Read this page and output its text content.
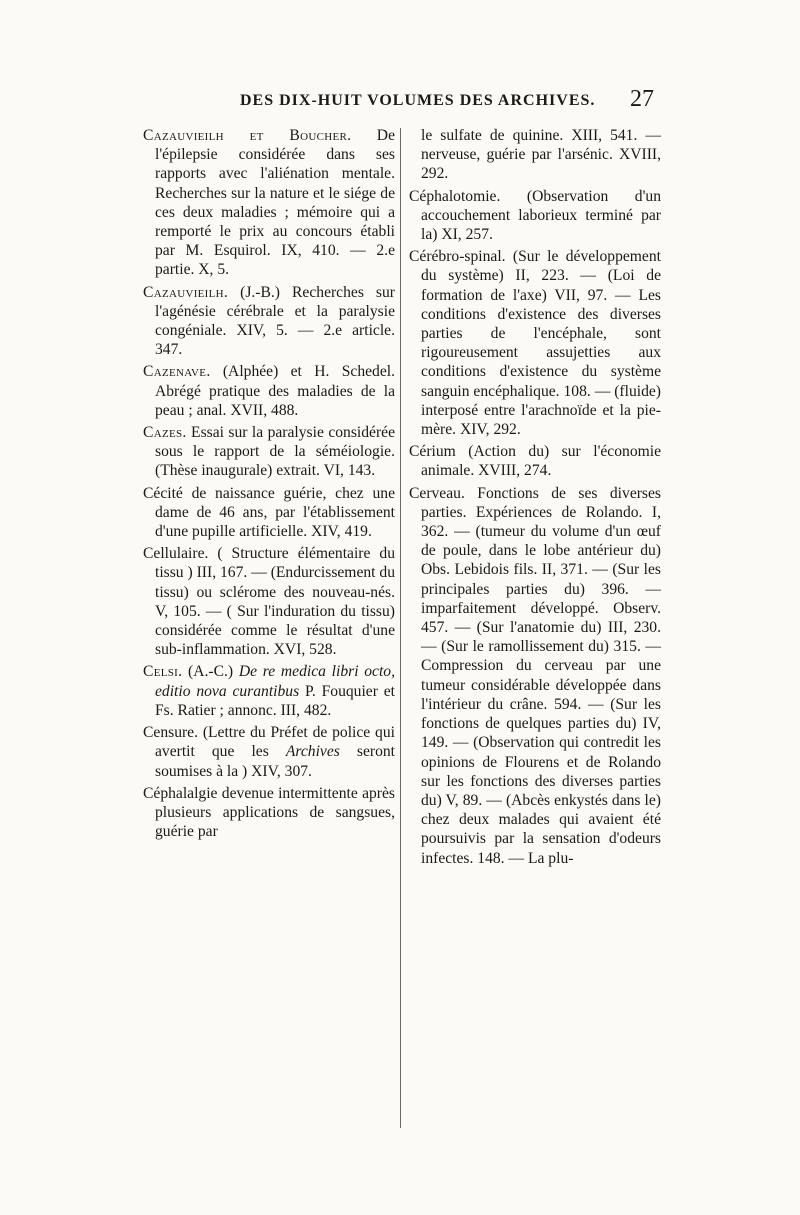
DES DIX-HUIT VOLUMES DES ARCHIVES. 27

Cazauvieilh et Boucher. De l'épilepsie considérée dans ses rapports avec l'aliénation mentale. Recherches sur la nature et le siége de ces deux maladies ; mémoire qui a remporté le prix au concours établi par M. Esquirol. IX, 410. — 2.e partie. X, 5.

Cazauvieilh. (J.-B.) Recherches sur l'agénésie cérébrale et la paralysie congéniale. XIV, 5. — 2.e article. 347.

Cazenave. (Alphée) et H. Schedel. Abrégé pratique des maladies de la peau ; anal. XVII, 488.

Cazes. Essai sur la paralysie considérée sous le rapport de la séméiologie. (Thèse inaugurale) extrait. VI, 143.

Cécité de naissance guérie, chez une dame de 46 ans, par l'établissement d'une pupille artificielle. XIV, 419.

Cellulaire. ( Structure élémentaire du tissu ) III, 167. — (Endurcissement du tissu) ou sclérome des nouveau-nés. V, 105. — ( Sur l'induration du tissu) considérée comme le résultat d'une sub-inflammation. XVI, 528.

Celsi. (A.-C.) De re medica libri octo, editio nova curantibus P. Fouquier et Fs. Ratier ; annonc. III, 482.

Censure. (Lettre du Préfet de police qui avertit que les Archives seront soumises à la ) XIV, 307.

Céphalalgie devenue intermittente après plusieurs applications de sangsues, guérie par

le sulfate de quinine. XIII, 541. — nerveuse, guérie par l'arsénic. XVIII, 292.

Céphalotomie. (Observation d'un accouchement laborieux terminé par la) XI, 257.

Cérébro-spinal. (Sur le développement du système) II, 223. — (Loi de formation de l'axe) VII, 97. — Les conditions d'existence des diverses parties de l'encéphale, sont rigoureusement assujetties aux conditions d'existence du système sanguin encéphalique. 108. — (fluide) interposé entre l'arachnoïde et la pie-mère. XIV, 292.

Cérium (Action du) sur l'économie animale. XVIII, 274.

Cerveau. Fonctions de ses diverses parties. Expériences de Rolando. I, 362. — (tumeur du volume d'un œuf de poule, dans le lobe antérieur du) Obs. Lebidois fils. II, 371. — (Sur les principales parties du) 396. — imparfaitement développé. Observ. 457. — (Sur l'anatomie du) III, 230. — (Sur le ramollissement du) 315. — Compression du cerveau par une tumeur considérable développée dans l'intérieur du crâne. 594. — (Sur les fonctions de quelques parties du) IV, 149. — (Observation qui contredit les opinions de Flourens et de Rolando sur les fonctions des diverses parties du) V, 89. — (Abcès enkystés dans le) chez deux malades qui avaient été poursuivis par la sensation d'odeurs infectes. 148. — La plu-
